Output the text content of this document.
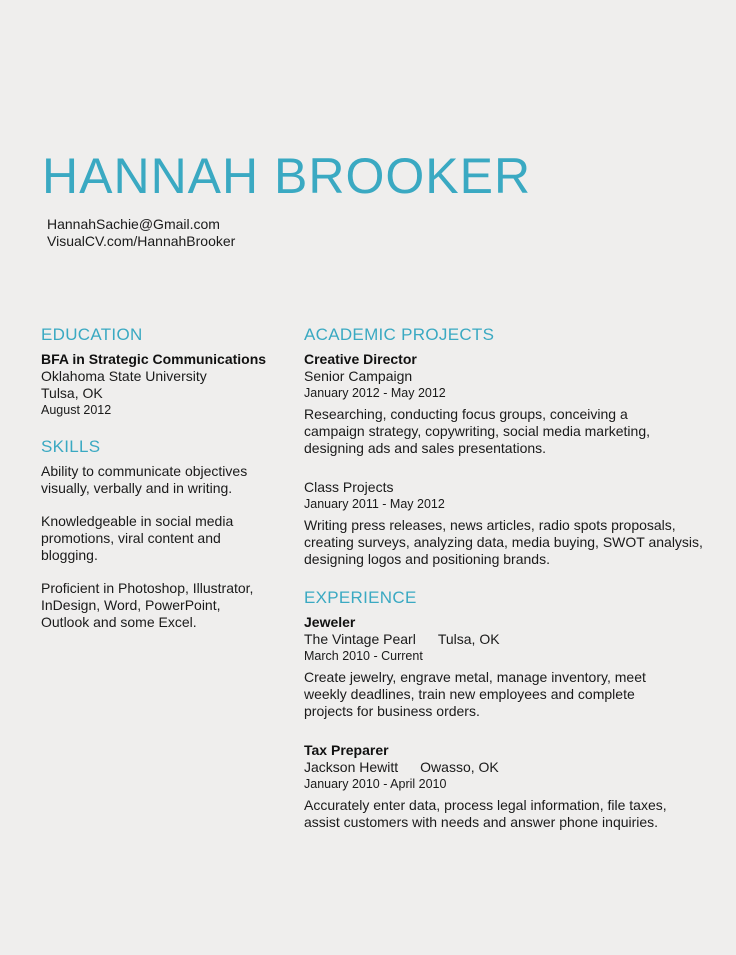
HANNAH BROOKER
HannahSachie@Gmail.com
VisualCV.com/HannahBrooker
EDUCATION
BFA in Strategic Communications
Oklahoma State University
Tulsa, OK
August 2012
SKILLS
Ability to communicate objectives visually, verbally and in writing.
Knowledgeable in social media promotions, viral content and blogging.
Proficient in Photoshop, Illustrator, InDesign, Word, PowerPoint, Outlook and some Excel.
ACADEMIC PROJECTS
Creative Director
Senior Campaign
January 2012 - May 2012
Researching, conducting focus groups, conceiving a campaign strategy, copywriting, social media marketing, designing ads and sales presentations.
Class Projects
January 2011 - May 2012
Writing press releases, news articles, radio spots proposals, creating surveys, analyzing data, media buying, SWOT analysis, designing logos and positioning brands.
EXPERIENCE
Jeweler
The Vintage Pearl Tulsa, OK
March 2010 - Current
Create jewelry, engrave metal, manage inventory, meet weekly deadlines, train new employees and complete projects for business orders.
Tax Preparer
Jackson Hewitt Owasso, OK
January 2010 - April 2010
Accurately enter data, process legal information, file taxes, assist customers with needs and answer phone inquiries.
